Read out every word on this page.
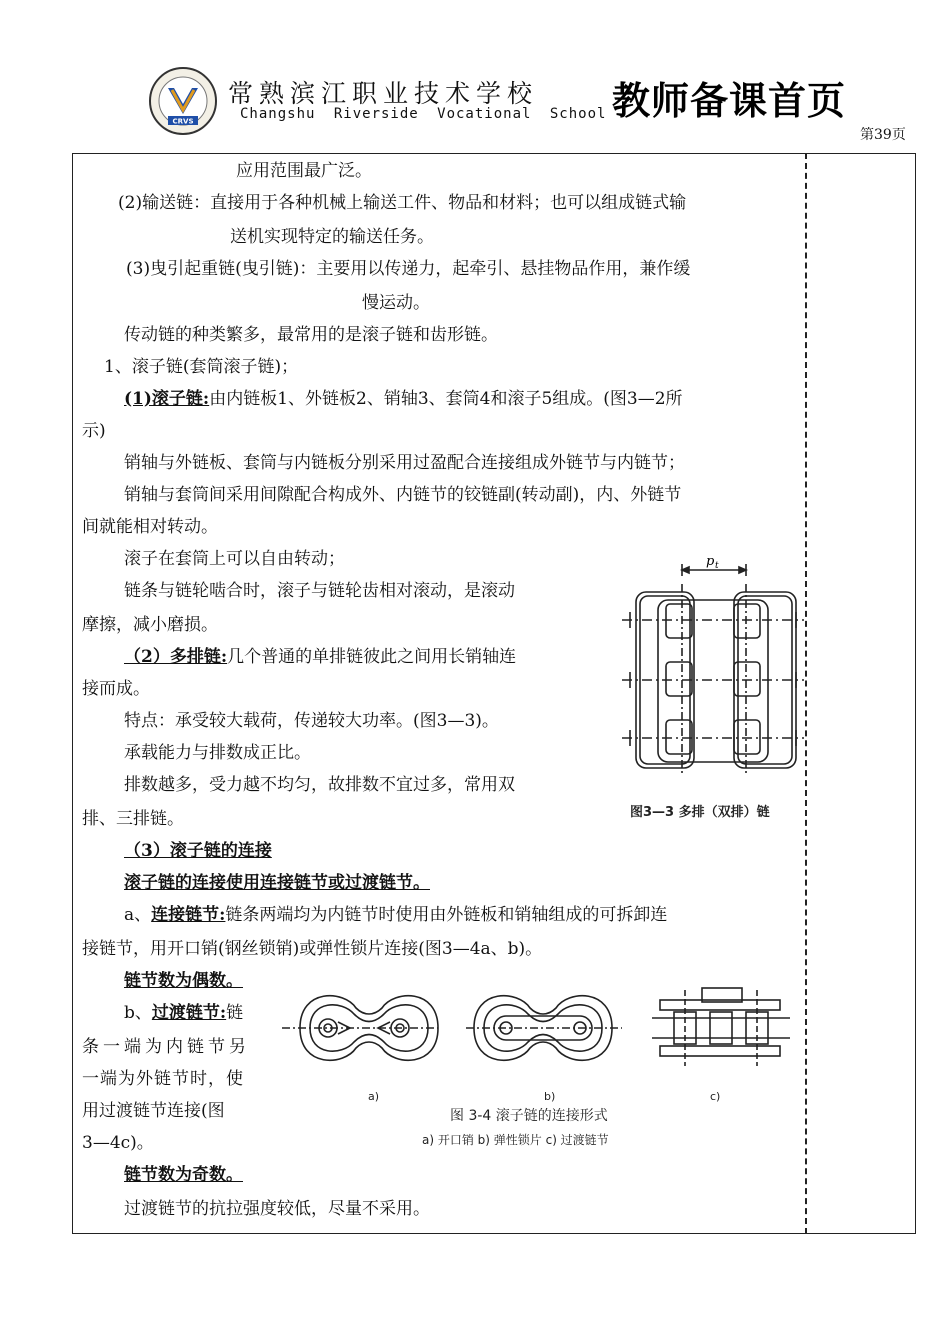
CRVS
常熟滨江职业技术学校
Changshu Riverside Vocational School 教师备课首页
第39页
应用范围最广泛。
(2)输送链：直接用于各种机械上输送工件、物品和材料；也可以组成链式输
送机实现特定的输送任务。
(3)曳引起重链(曳引链)：主要用以传递力，起牵引、悬挂物品作用，兼作缓
慢运动。
传动链的种类繁多，最常用的是滚子链和齿形链。
1、滚子链(套筒滚子链)；
(1)滚子链:由内链板1、外链板2、销轴3、套筒4和滚子5组成。(图3—2所
示)
销轴与外链板、套筒与内链板分别采用过盈配合连接组成外链节与内链节；
销轴与套筒间采用间隙配合构成外、内链节的铰链副(转动副)，内、外链节
间就能相对转动。
滚子在套筒上可以自由转动；
链条与链轮啮合时，滚子与链轮齿相对滚动，是滚动
摩擦，减小磨损。
（2）多排链:几个普通的单排链彼此之间用长销轴连
接而成。
特点：承受较大载荷，传递较大功率。(图3—3)。
承载能力与排数成正比。
排数越多，受力越不均匀，故排数不宜过多，常用双
排、三排链。
（3）滚子链的连接
滚子链的连接使用连接链节或过渡链节。
a、连接链节:链条两端均为内链节时使用由外链板和销轴组成的可拆卸连
接链节，用开口销(钢丝锁销)或弹性锁片连接(图3—4a、b)。
链节数为偶数。
b、过渡链节:链
条一端为内链节另
一端为外链节时，使
用过渡链节连接(图
3—4c)。
链节数为奇数。
过渡链节的抗拉强度较低，尽量不采用。
p t
图3—3 多排（双排）链
a)	b)	c)
图 3-4 滚子链的连接形式
a) 开口销 b) 弹性锁片 c) 过渡链节
